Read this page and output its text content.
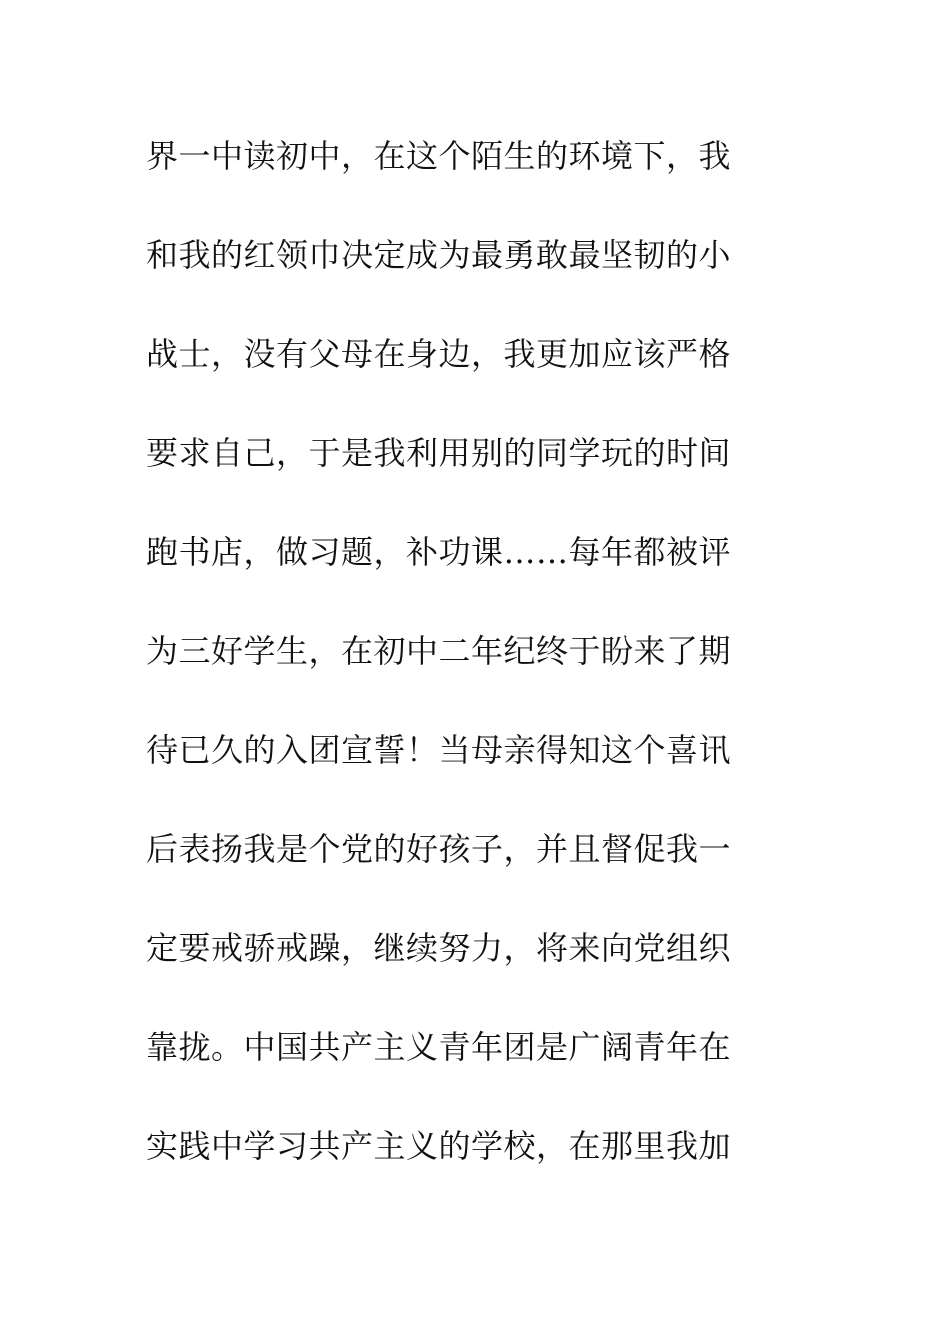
界一中读初中，在这个陌生的环境下，我
和我的红领巾决定成为最勇敢最坚韧的小
战士，没有父母在身边，我更加应该严格
要求自己，于是我利用别的同学玩的时间
跑书店，做习题，补功课……每年都被评
为三好学生，在初中二年纪终于盼来了期
待已久的入团宣誓！当母亲得知这个喜讯
后表扬我是个党的好孩子，并且督促我一
定要戒骄戒躁，继续努力，将来向党组织
靠拢。中国共产主义青年团是广阔青年在
实践中学习共产主义的学校，在那里我加
